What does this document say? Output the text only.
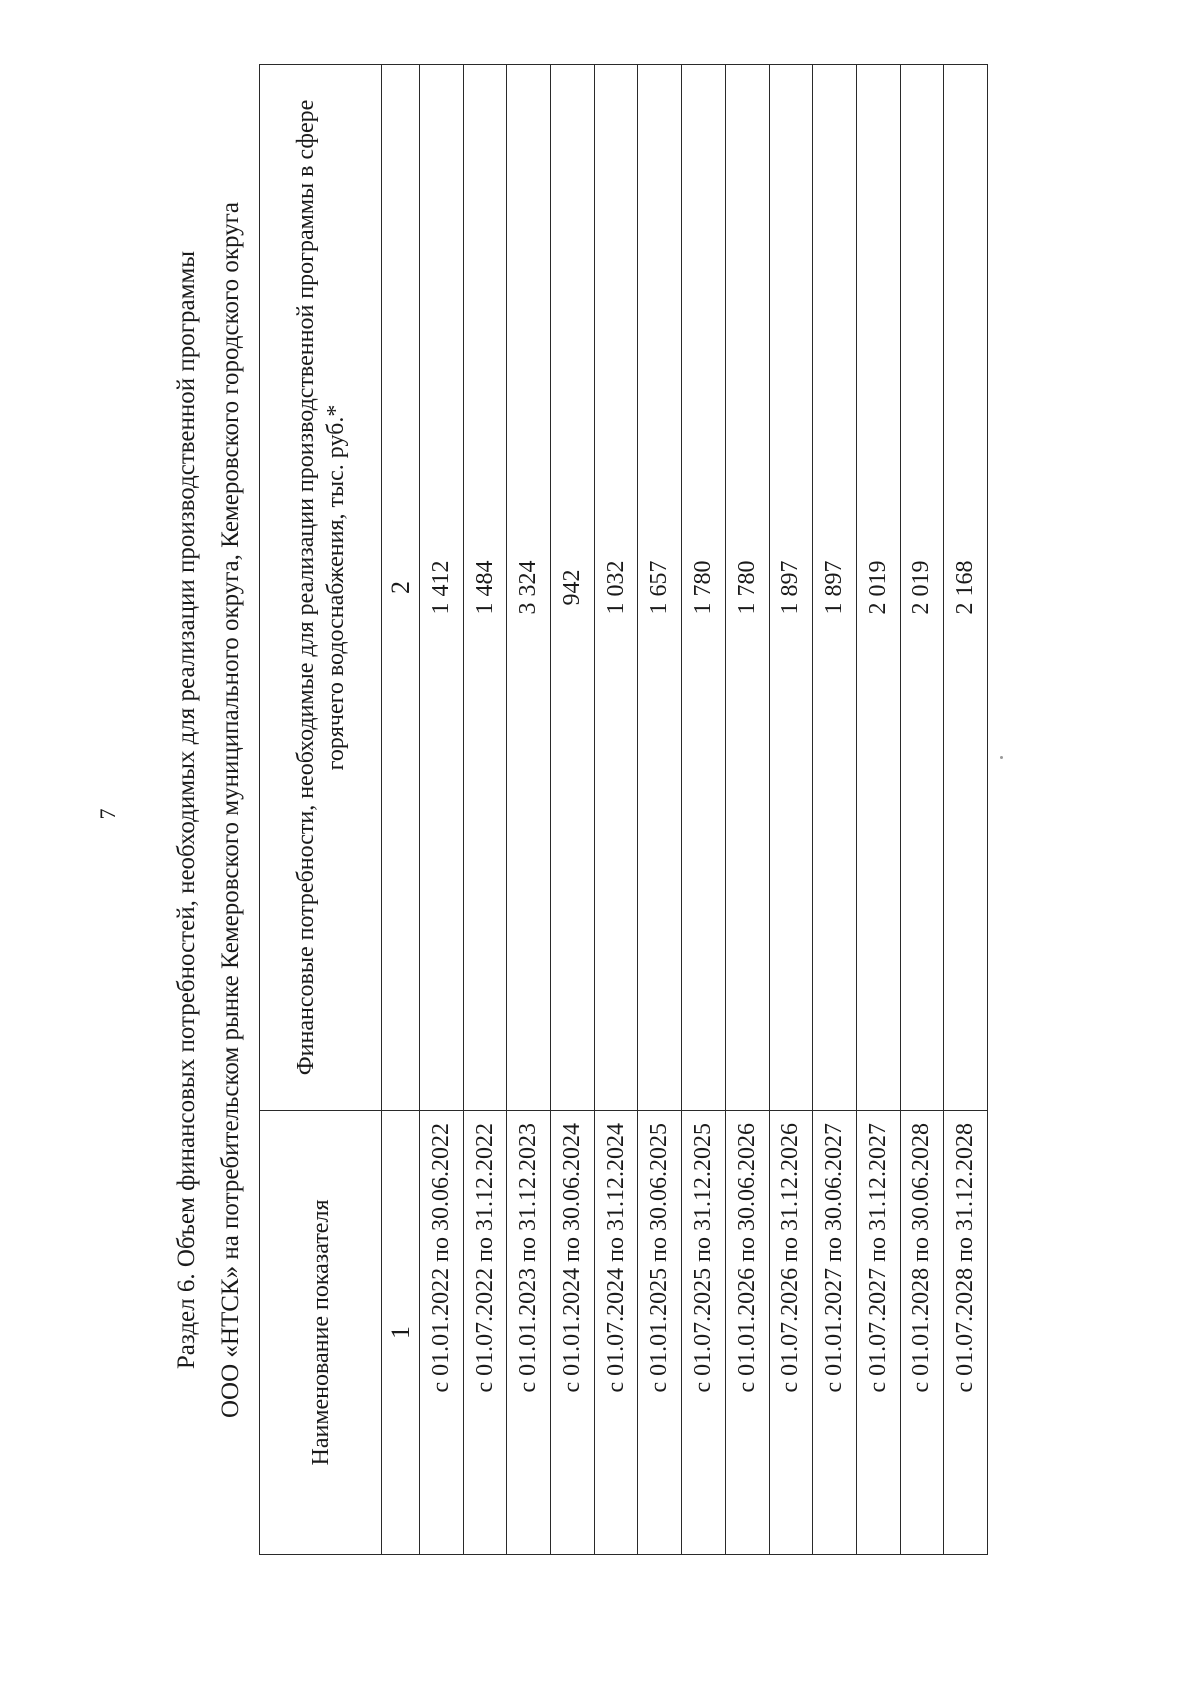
7	Раздел 6. Объем финансовых потребностей, необходимых для реализации производственной программы ООО «НТСК» на потребительском рынке Кемеровского муниципального округа, Кемеровского городского округа	Наименование показателя	Финансовые потребности, необходимые для реализации производственной программы в сфере горячего водоснабжения, тыс. руб.*
1	2
с 01.01.2022 по 30.06.2022	1 412
с 01.07.2022 по 31.12.2022	1 484
с 01.01.2023 по 31.12.2023	3 324
с 01.01.2024 по 30.06.2024	942
с 01.07.2024 по 31.12.2024	1 032
с 01.01.2025 по 30.06.2025	1 657
с 01.07.2025 по 31.12.2025	1 780
с 01.01.2026 по 30.06.2026	1 780
с 01.07.2026 по 31.12.2026	1 897
с 01.01.2027 по 30.06.2027	1 897
с 01.07.2027 по 31.12.2027	2 019
с 01.01.2028 по 30.06.2028	2 019
с 01.07.2028 по 31.12.2028	2 168
